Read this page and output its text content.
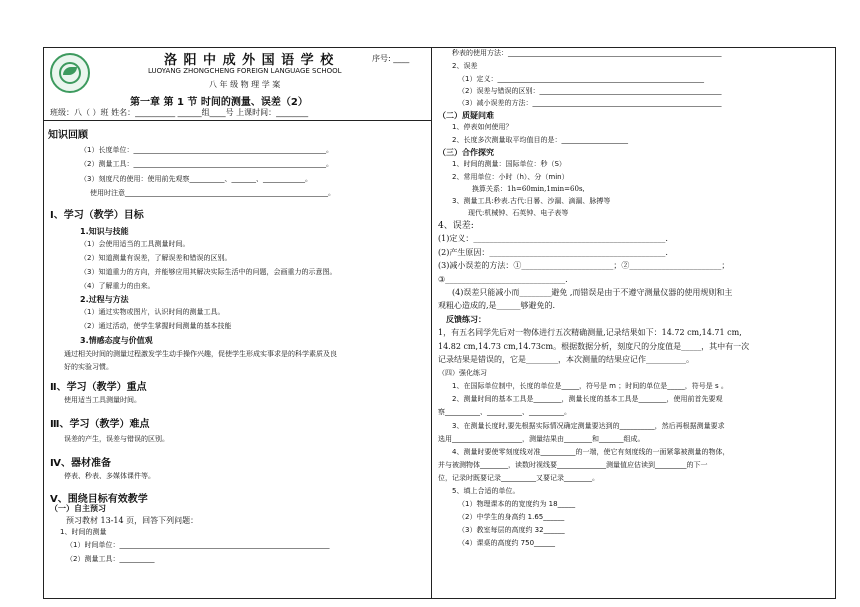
洛 阳 中 成 外 国 语 学 校	序号: ____
LUOYANG ZHONGCHENG FOREIGN LANGUAGE SCHOOL
八 年 级 物 理 学 案
第一章 第 1 节 时间的测量、误差（2）
班级：八（ ）班 姓名：__________ ______组____号 上课时间：________
知识回顾
（1）长度单位：_______________________________________________________。
（2）测量工具：_______________________________________________________。
（3）刻度尺的使用：使用前先观察__________、_______、____________。
使用时注意__________________________________________________________。
Ⅰ、学习（教学）目标
1.知识与技能
（1）会使用适当的工具测量时间。
（2）知道测量有误差，了解误差和错误的区别。
（3）知道重力的方向，并能够应用其解决实际生活中的问题，会画重力的示意图。
（4）了解重力的由来。
2.过程与方法
（1）通过实物或图片，认识时间的测量工具。
（2）通过活动，使学生掌握时间测量的基本技能
3.情感态度与价值观
通过相关时间的测量过程激发学生动手操作兴趣，促使学生形成实事求是的科学素质及良
好的实验习惯。
Ⅱ、学习（教学）重点
使用适当工具测量时间。
Ⅲ、学习（教学）难点
误差的产生，误差与错误的区别。
Ⅳ、器材准备
停表、秒表、多媒体课件等。
Ⅴ、围绕目标有效教学
（一）自主预习
预习教材 13-14 页，回答下列问题：
1、时间的测量
（1）时间单位：____________________________________________________________
（2）测量工具：__________
秒表的使用方法：_____________________________________________________________
2、误差
（1）定义：___________________________________________________________
（2）误差与错误的区别：____________________________________________________
（3）减小误差的方法：______________________________________________________
（二）质疑问难
1、停表如何使用？
2、长度多次测量取平均值目的是：___________________
（三）合作探究
1、时间的测量：国际单位：秒（S）
2、常用单位：小时（h）、分（min）
换算关系：1h=60min,1min=60s,
3、测量工具:秒表.古代:日晷、沙漏、滴漏、脉搏等
现代:机械钟、石英钟、电子表等
4、误差:
(1)定义：________________________________________________.
(2)产生原因：____________________________________________.
(3)减小误差的方法：①_______________________；②_______________________；
③______________________________.
(4)误差只能减小而________避免 ,而错误是由于不遵守测量仪器的使用规则和主
观粗心造成的,是______够避免的.
反馈练习：
1，有五名同学先后对一物体进行五次精确测量,记录结果如下：14.72 cm,14.71 cm,
14.82 cm,14.73 cm,14.73cm。根据数据分析，刻度尺的分度值是_____，其中有一次
记录结果是错误的，它是________，本次测量的结果应记作__________。
（四）强化练习
1、在国际单位制中，长度的单位是_____，符号是 m ；时间的单位是_____，符号是 s 。
2、测量时间的基本工具是________，测量长度的基本工具是________，使用前首先要观
察__________、__________、__________。
3、在测量长度时,要先根据实际情况确定测量要达到的__________，然后再根据测量要求
选用____________________，测量结果由________和_______组成。
4、测量时要使零刻度线对准__________的一端，使它有刻度线的一面紧靠被测量的物体，
并与被测物体________，读数时视线要______________测量值应估读到_________的下一
位，记录时既要记录__________又要记录________。
5、填上合适的单位。
（1）物理课本的的宽度约为 18_____
（2）中学生的身高约 1.65______
（3）教室每层的高度约 32______
（4）课桌的高度约 750______
